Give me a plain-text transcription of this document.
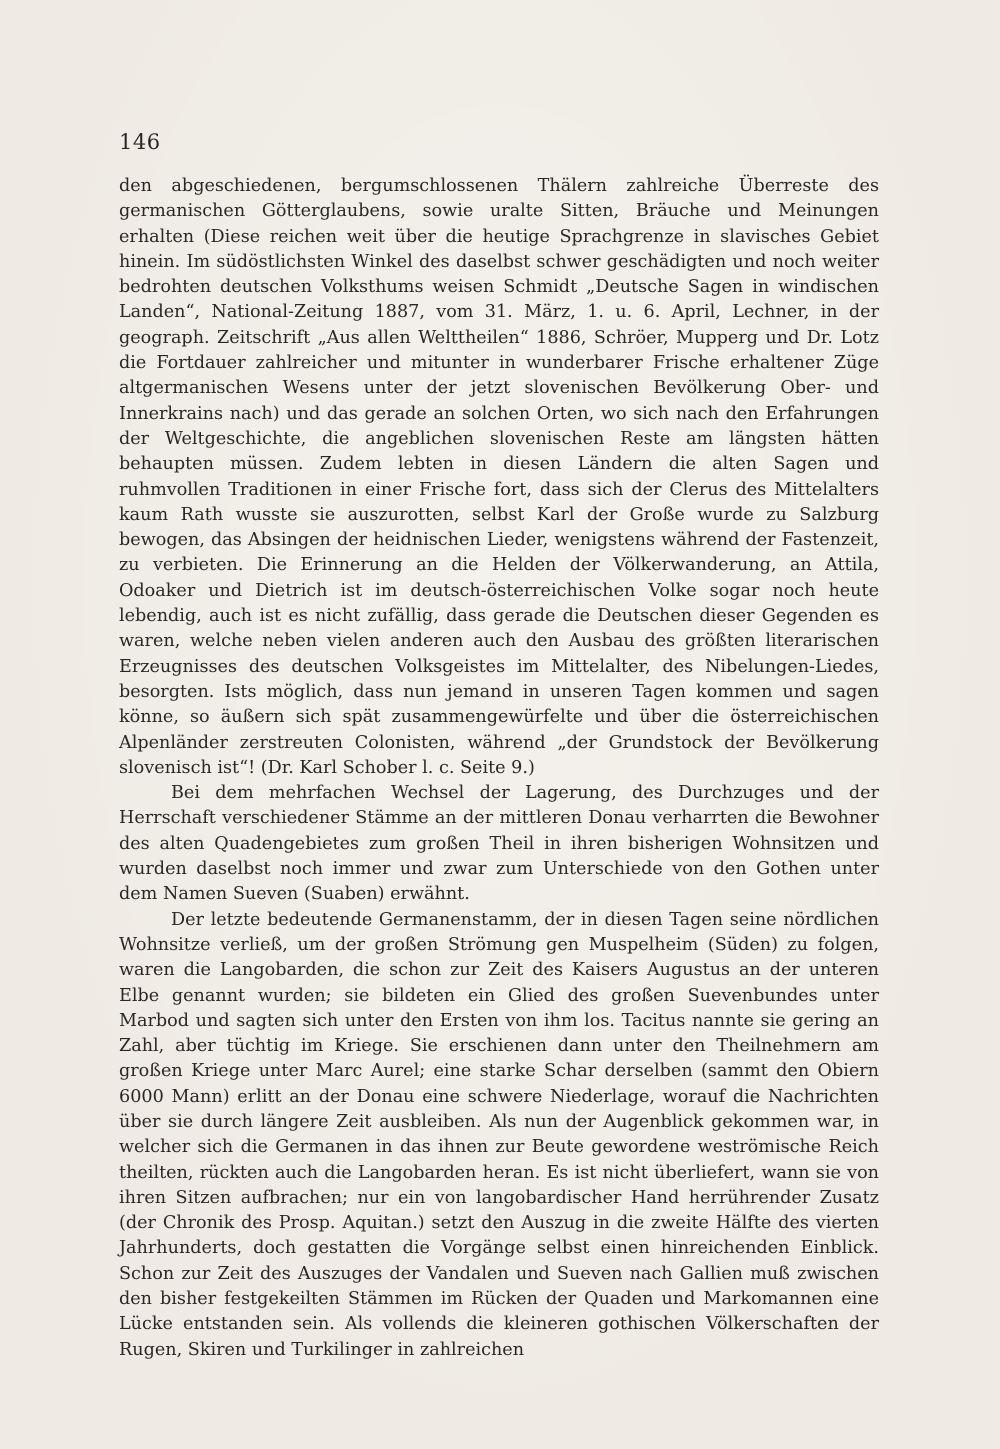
146

den abgeschiedenen, bergumschlossenen Thälern zahlreiche Überreste des germanischen Götterglaubens, sowie uralte Sitten, Bräuche und Meinungen erhalten (Diese reichen weit über die heutige Sprachgrenze in slavisches Gebiet hinein. Im südöstlichsten Winkel des daselbst schwer geschädigten und noch weiter bedrohten deutschen Volksthums weisen Schmidt „Deutsche Sagen in windischen Landen“, National-Zeitung 1887, vom 31. März, 1. u. 6. April, Lechner, in der geograph. Zeitschrift „Aus allen Welttheilen“ 1886, Schröer, Mupperg und Dr. Lotz die Fortdauer zahlreicher und mitunter in wunderbarer Frische erhaltener Züge altgermanischen Wesens unter der jetzt slovenischen Bevölkerung Ober- und Innerkrains nach) und das gerade an solchen Orten, wo sich nach den Erfahrungen der Weltgeschichte, die angeblichen slovenischen Reste am längsten hätten behaupten müssen. Zudem lebten in diesen Ländern die alten Sagen und ruhmvollen Traditionen in einer Frische fort, dass sich der Clerus des Mittelalters kaum Rath wusste sie auszurotten, selbst Karl der Große wurde zu Salzburg bewogen, das Absingen der heidnischen Lieder, wenigstens während der Fastenzeit, zu verbieten. Die Erinnerung an die Helden der Völkerwanderung, an Attila, Odoaker und Dietrich ist im deutsch-österreichischen Volke sogar noch heute lebendig, auch ist es nicht zufällig, dass gerade die Deutschen dieser Gegenden es waren, welche neben vielen anderen auch den Ausbau des größten literarischen Erzeugnisses des deutschen Volksgeistes im Mittelalter, des Nibelungen-Liedes, besorgten. Ists möglich, dass nun jemand in unseren Tagen kommen und sagen könne, so äußern sich spät zusammengewürfelte und über die österreichischen Alpenländer zerstreuten Colonisten, während „der Grundstock der Bevölkerung slovenisch ist“! (Dr. Karl Schober l. c. Seite 9.)

Bei dem mehrfachen Wechsel der Lagerung, des Durchzuges und der Herrschaft verschiedener Stämme an der mittleren Donau verharrten die Bewohner des alten Quadengebietes zum großen Theil in ihren bisherigen Wohnsitzen und wurden daselbst noch immer und zwar zum Unterschiede von den Gothen unter dem Namen Sueven (Suaben) erwähnt.

Der letzte bedeutende Germanenstamm, der in diesen Tagen seine nördlichen Wohnsitze verließ, um der großen Strömung gen Muspelheim (Süden) zu folgen, waren die Langobarden, die schon zur Zeit des Kaisers Augustus an der unteren Elbe genannt wurden; sie bildeten ein Glied des großen Suevenbundes unter Marbod und sagten sich unter den Ersten von ihm los. Tacitus nannte sie gering an Zahl, aber tüchtig im Kriege. Sie erschienen dann unter den Theilnehmern am großen Kriege unter Marc Aurel; eine starke Schar derselben (sammt den Obiern 6000 Mann) erlitt an der Donau eine schwere Niederlage, worauf die Nachrichten über sie durch längere Zeit ausbleiben. Als nun der Augenblick gekommen war, in welcher sich die Germanen in das ihnen zur Beute gewordene weströmische Reich theilten, rückten auch die Langobarden heran. Es ist nicht überliefert, wann sie von ihren Sitzen aufbrachen; nur ein von langobardischer Hand herrührender Zusatz (der Chronik des Prosp. Aquitan.) setzt den Auszug in die zweite Hälfte des vierten Jahrhunderts, doch gestatten die Vorgänge selbst einen hinreichenden Einblick. Schon zur Zeit des Auszuges der Vandalen und Sueven nach Gallien muß zwischen den bisher festgekeilten Stämmen im Rücken der Quaden und Markomannen eine Lücke entstanden sein. Als vollends die kleineren gothischen Völkerschaften der Rugen, Skiren und Turkilinger in zahlreichen
